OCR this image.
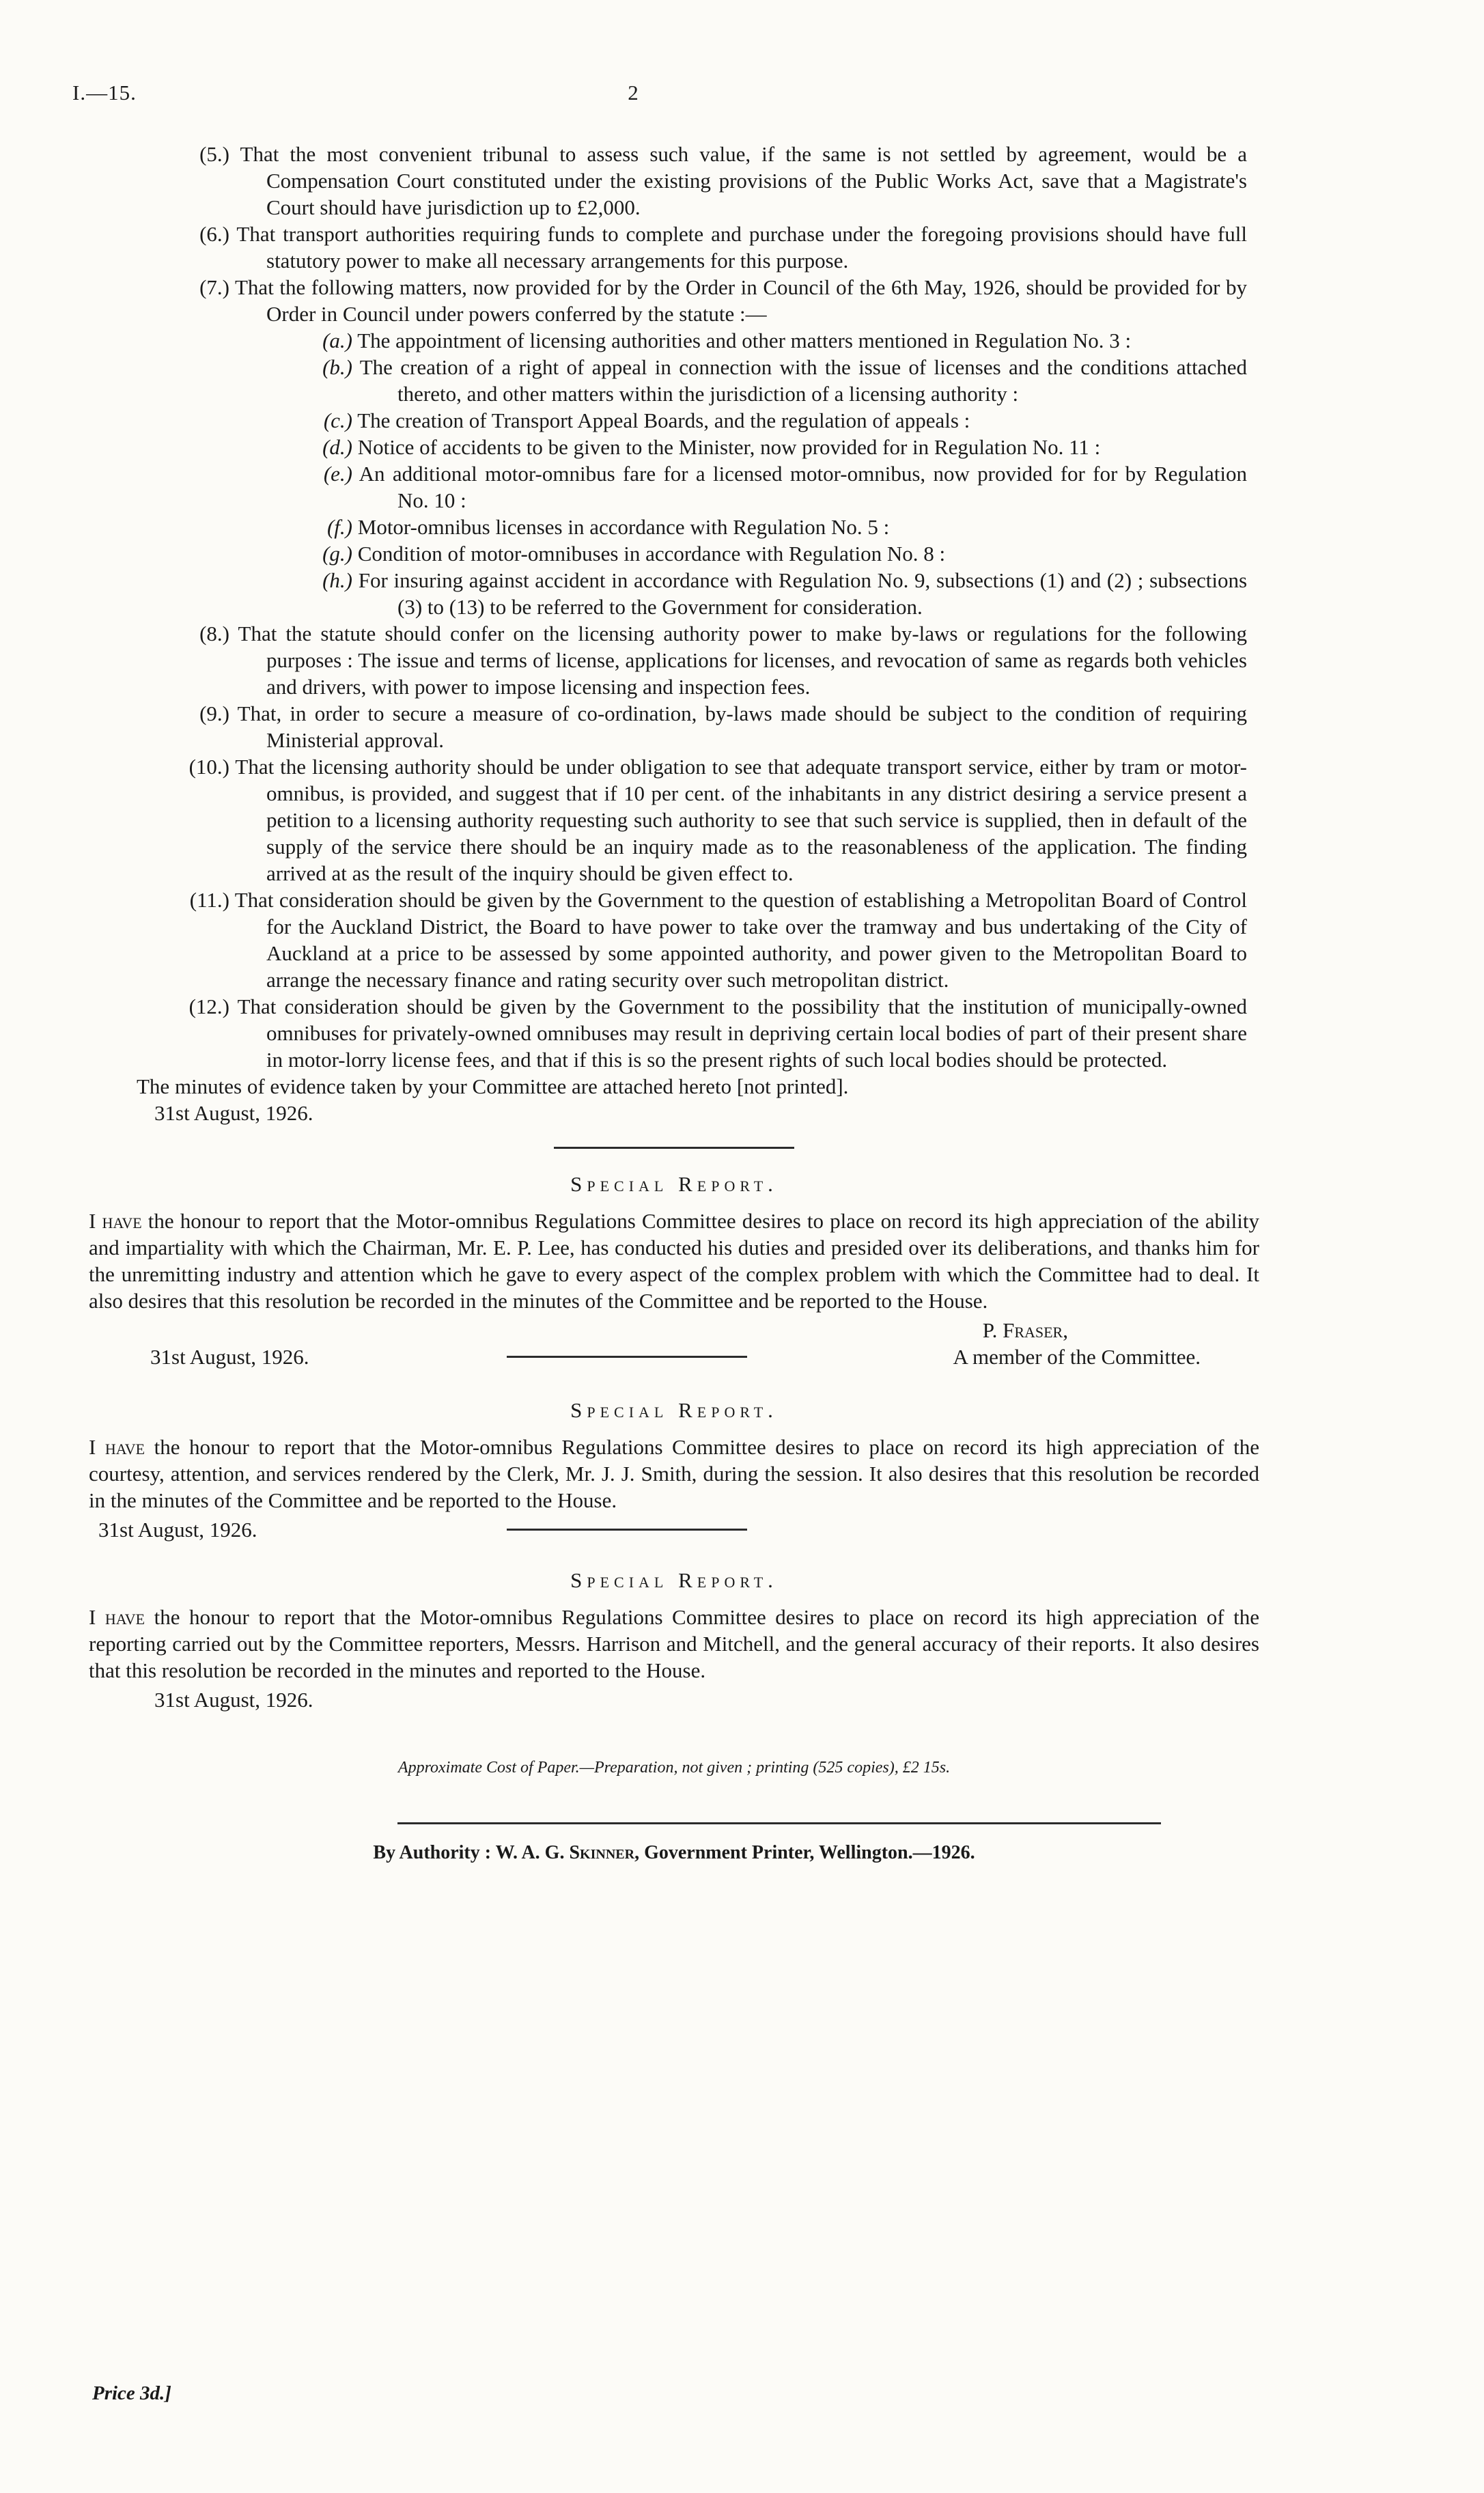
I.—15.	2

(5.) That the most convenient tribunal to assess such value, if the same is not settled by agreement, would be a Compensation Court constituted under the existing provisions of the Public Works Act, save that a Magistrate's Court should have jurisdiction up to £2,000.

(6.) That transport authorities requiring funds to complete and purchase under the foregoing provisions should have full statutory power to make all necessary arrangements for this purpose.

(7.) That the following matters, now provided for by the Order in Council of the 6th May, 1926, should be provided for by Order in Council under powers conferred by the statute :—

(a.) The appointment of licensing authorities and other matters mentioned in Regulation No. 3 :

(b.) The creation of a right of appeal in connection with the issue of licenses and the conditions attached thereto, and other matters within the jurisdiction of a licensing authority :

(c.) The creation of Transport Appeal Boards, and the regulation of appeals :

(d.) Notice of accidents to be given to the Minister, now provided for in Regulation No. 11 :

(e.) An additional motor-omnibus fare for a licensed motor-omnibus, now provided for for by Regulation No. 10 :

(f.) Motor-omnibus licenses in accordance with Regulation No. 5 :

(g.) Condition of motor-omnibuses in accordance with Regulation No. 8 :

(h.) For insuring against accident in accordance with Regulation No. 9, subsections (1) and (2) ; subsections (3) to (13) to be referred to the Government for consideration.

(8.) That the statute should confer on the licensing authority power to make by-laws or regulations for the following purposes : The issue and terms of license, applications for licenses, and revocation of same as regards both vehicles and drivers, with power to impose licensing and inspection fees.

(9.) That, in order to secure a measure of co-ordination, by-laws made should be subject to the condition of requiring Ministerial approval.

(10.) That the licensing authority should be under obligation to see that adequate transport service, either by tram or motor-omnibus, is provided, and suggest that if 10 per cent. of the inhabitants in any district desiring a service present a petition to a licensing authority requesting such authority to see that such service is supplied, then in default of the supply of the service there should be an inquiry made as to the reasonableness of the application. The finding arrived at as the result of the inquiry should be given effect to.

(11.) That consideration should be given by the Government to the question of establishing a Metropolitan Board of Control for the Auckland District, the Board to have power to take over the tramway and bus undertaking of the City of Auckland at a price to be assessed by some appointed authority, and power given to the Metropolitan Board to arrange the necessary finance and rating security over such metropolitan district.

(12.) That consideration should be given by the Government to the possibility that the institution of municipally-owned omnibuses for privately-owned omnibuses may result in depriving certain local bodies of part of their present share in motor-lorry license fees, and that if this is so the present rights of such local bodies should be protected.

The minutes of evidence taken by your Committee are attached hereto [not printed].

31st August, 1926.

Special Report.

I have the honour to report that the Motor-omnibus Regulations Committee desires to place on record its high appreciation of the ability and impartiality with which the Chairman, Mr. E. P. Lee, has conducted his duties and presided over its deliberations, and thanks him for the unremitting industry and attention which he gave to every aspect of the complex problem with which the Committee had to deal. It also desires that this resolution be recorded in the minutes of the Committee and be reported to the House.

P. Fraser,
31st August, 1926.	A member of the Committee.
Special Report.

I have the honour to report that the Motor-omnibus Regulations Committee desires to place on record its high appreciation of the courtesy, attention, and services rendered by the Clerk, Mr. J. J. Smith, during the session. It also desires that this resolution be recorded in the minutes of the Committee and be reported to the House.

31st August, 1926.
Special Report.

I have the honour to report that the Motor-omnibus Regulations Committee desires to place on record its high appreciation of the reporting carried out by the Committee reporters, Messrs. Harrison and Mitchell, and the general accuracy of their reports. It also desires that this resolution be recorded in the minutes and reported to the House.

31st August, 1926.
Approximate Cost of Paper.—Preparation, not given ; printing (525 copies), £2 15s.
By Authority : W. A. G. Skinner, Government Printer, Wellington.—1926.
Price 3d.]
